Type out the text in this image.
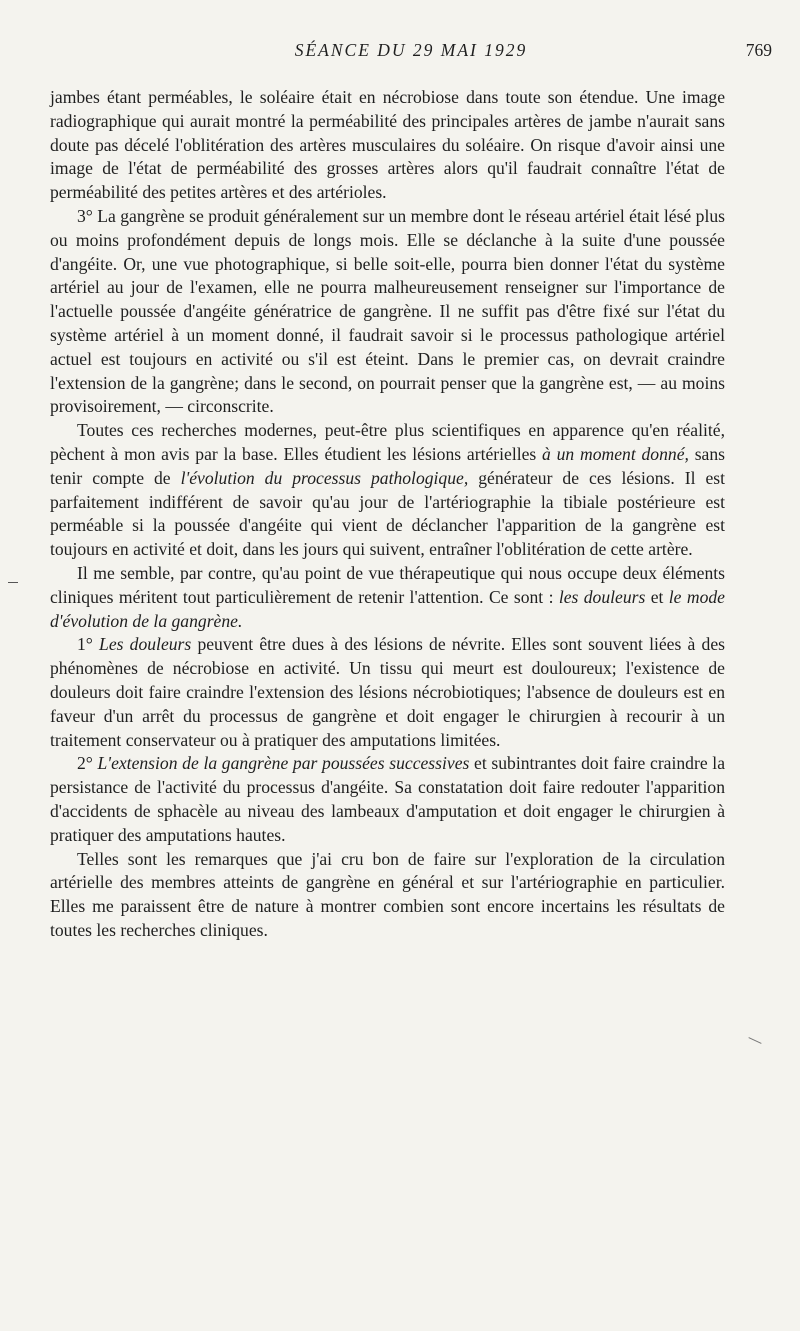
SÉANCE DU 29 MAI 1929	769

jambes étant perméables, le soléaire était en nécrobiose dans toute son étendue. Une image radiographique qui aurait montré la perméabilité des principales artères de jambe n'aurait sans doute pas décelé l'oblitération des artères musculaires du soléaire. On risque d'avoir ainsi une image de l'état de perméabilité des grosses artères alors qu'il faudrait connaître l'état de perméabilité des petites artères et des artérioles.

3° La gangrène se produit généralement sur un membre dont le réseau artériel était lésé plus ou moins profondément depuis de longs mois. Elle se déclanche à la suite d'une poussée d'angéite. Or, une vue photographique, si belle soit-elle, pourra bien donner l'état du système artériel au jour de l'examen, elle ne pourra malheureusement renseigner sur l'importance de l'actuelle poussée d'angéite génératrice de gangrène. Il ne suffit pas d'être fixé sur l'état du système artériel à un moment donné, il faudrait savoir si le processus pathologique artériel actuel est toujours en activité ou s'il est éteint. Dans le premier cas, on devrait craindre l'extension de la gangrène; dans le second, on pourrait penser que la gangrène est, — au moins provisoirement, — circonscrite.

Toutes ces recherches modernes, peut-être plus scientifiques en apparence qu'en réalité, pèchent à mon avis par la base. Elles étudient les lésions artérielles à un moment donné, sans tenir compte de l'évolution du processus pathologique, générateur de ces lésions. Il est parfaitement indifférent de savoir qu'au jour de l'artériographie la tibiale postérieure est perméable si la poussée d'angéite qui vient de déclancher l'apparition de la gangrène est toujours en activité et doit, dans les jours qui suivent, entraîner l'oblitération de cette artère.

Il me semble, par contre, qu'au point de vue thérapeutique qui nous occupe deux éléments cliniques méritent tout particulièrement de retenir l'attention. Ce sont : les douleurs et le mode d'évolution de la gangrène.

1° Les douleurs peuvent être dues à des lésions de névrite. Elles sont souvent liées à des phénomènes de nécrobiose en activité. Un tissu qui meurt est douloureux; l'existence de douleurs doit faire craindre l'extension des lésions nécrobiotiques; l'absence de douleurs est en faveur d'un arrêt du processus de gangrène et doit engager le chirurgien à recourir à un traitement conservateur ou à pratiquer des amputations limitées.

2° L'extension de la gangrène par poussées successives et subintrantes doit faire craindre la persistance de l'activité du processus d'angéite. Sa constatation doit faire redouter l'apparition d'accidents de sphacèle au niveau des lambeaux d'amputation et doit engager le chirurgien à pratiquer des amputations hautes.

Telles sont les remarques que j'ai cru bon de faire sur l'exploration de la circulation artérielle des membres atteints de gangrène en général et sur l'artériographie en particulier. Elles me paraissent être de nature à montrer combien sont encore incertains les résultats de toutes les recherches cliniques.
